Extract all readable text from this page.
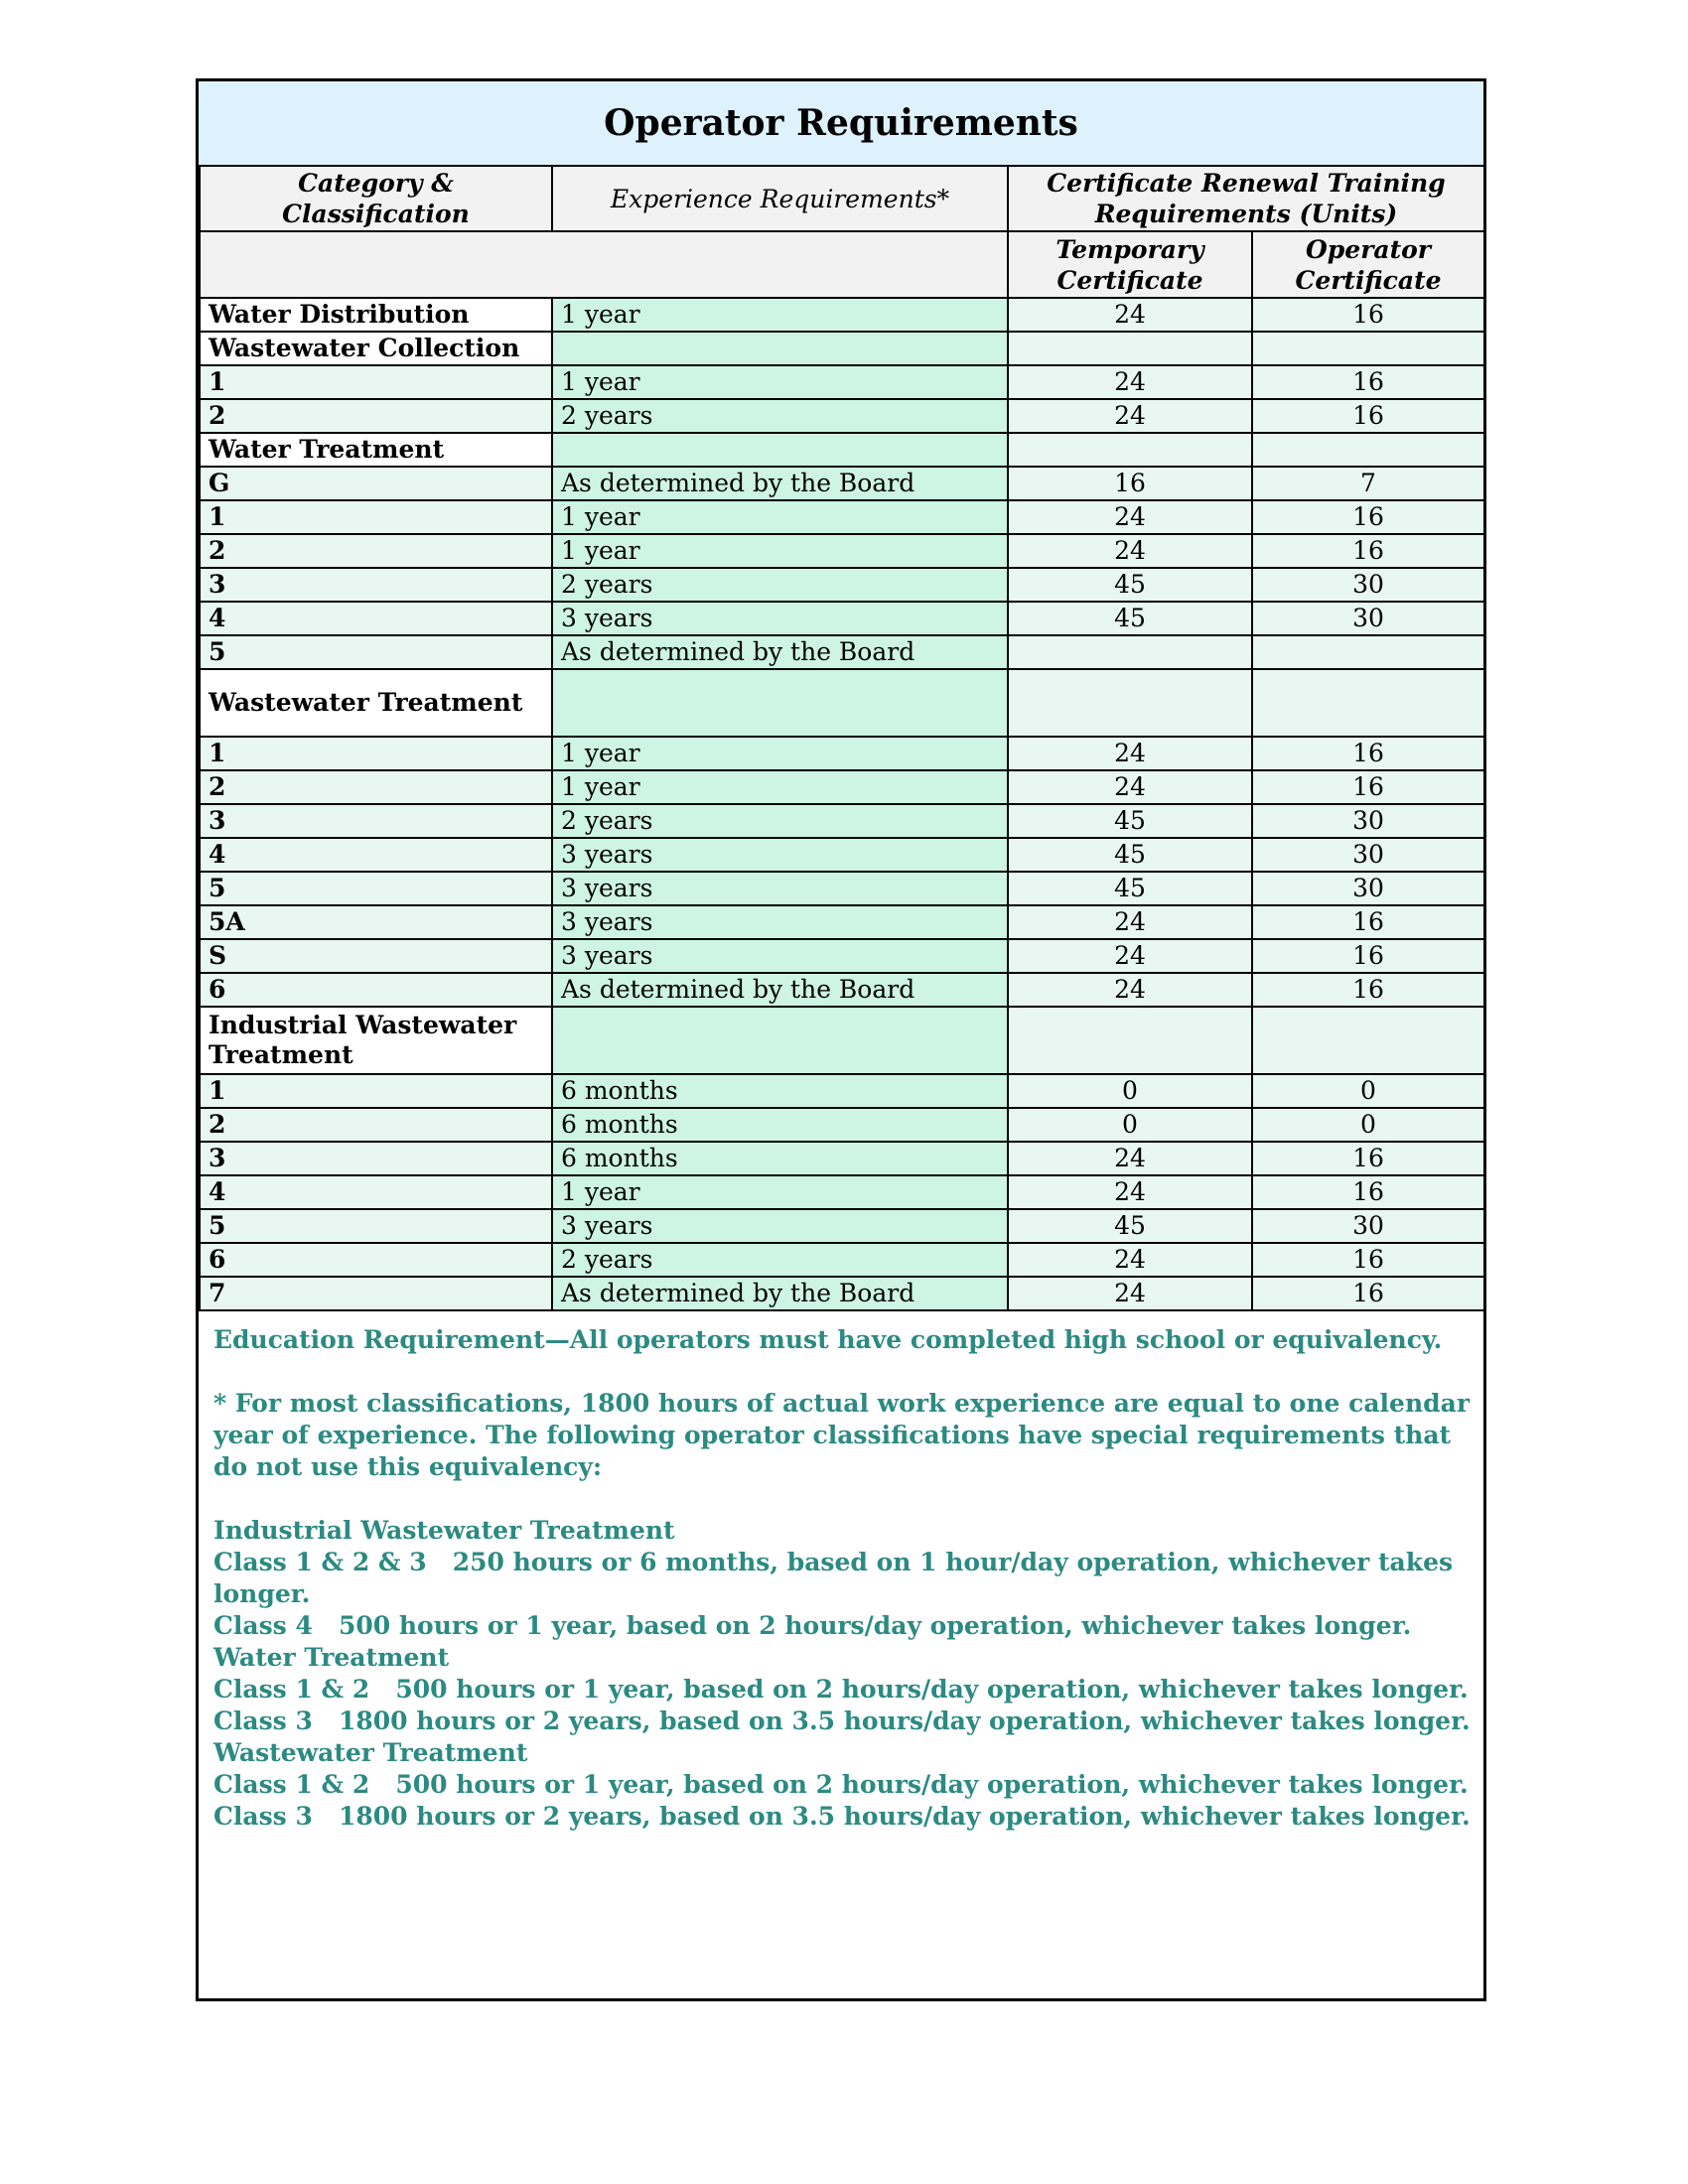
Operator Requirements
Category & Classification	Experience Requirements*	Certificate Renewal Training Requirements (Units)	
		Temporary Certificate	Operator Certificate
Water Distribution	1 year	24	16
Wastewater Collection			
1	1 year	24	16
2	2 years	24	16
Water Treatment			
G	As determined by the Board	16	7
1	1 year	24	16
2	1 year	24	16
3	2 years	45	30
4	3 years	45	30
5	As determined by the Board		
Wastewater Treatment			
1	1 year	24	16
2	1 year	24	16
3	2 years	45	30
4	3 years	45	30
5	3 years	45	30
5A	3 years	24	16
S	3 years	24	16
6	As determined by the Board	24	16
Industrial Wastewater Treatment			
1	6 months	0	0
2	6 months	0	0
3	6 months	24	16
4	1 year	24	16
5	3 years	45	30
6	2 years	24	16
7	As determined by the Board	24	16

Education Requirement—All operators must have completed high school or equivalency.

* For most classifications, 1800 hours of actual work experience are equal to one calendar year of experience. The following operator classifications have special requirements that do not use this equivalency:

Industrial Wastewater Treatment

Class 1 & 2 & 3   250 hours or 6 months, based on 1 hour/day operation, whichever takes longer.

Class 4   500 hours or 1 year, based on 2 hours/day operation, whichever takes longer.

Water Treatment

Class 1 & 2   500 hours or 1 year, based on 2 hours/day operation, whichever takes longer.

Class 3   1800 hours or 2 years, based on 3.5 hours/day operation, whichever takes longer.

Wastewater Treatment

Class 1 & 2   500 hours or 1 year, based on 2 hours/day operation, whichever takes longer.

Class 3   1800 hours or 2 years, based on 3.5 hours/day operation, whichever takes longer.
